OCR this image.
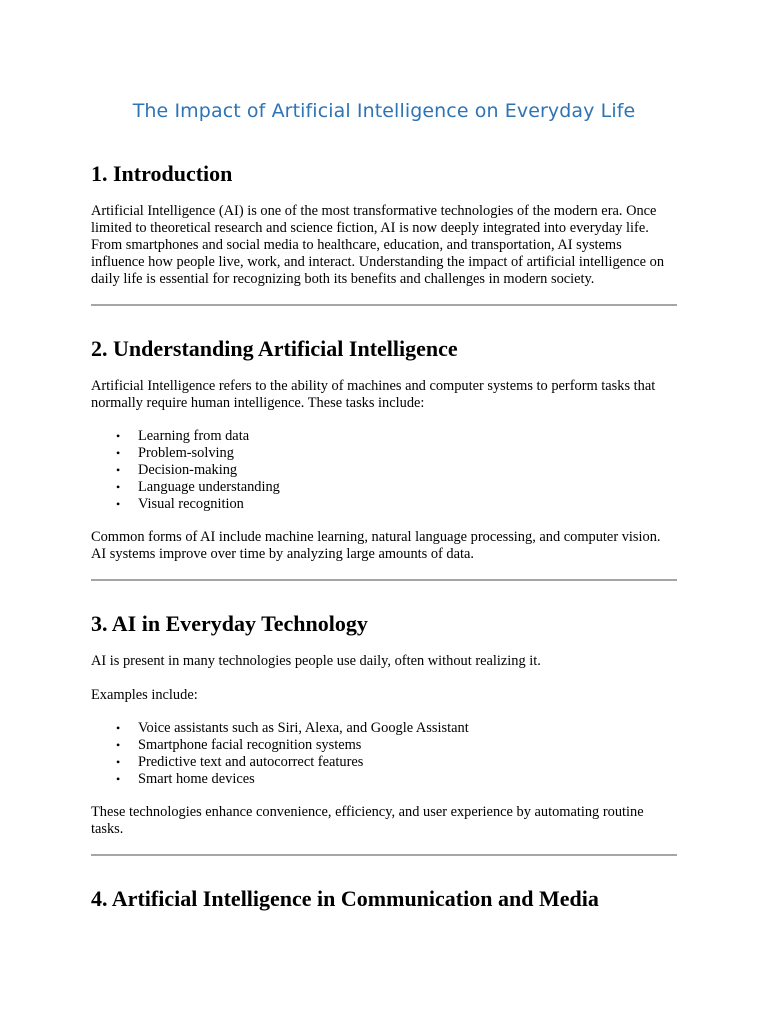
The Impact of Artificial Intelligence on Everyday Life
1. Introduction

Artificial Intelligence (AI) is one of the most transformative technologies of the modern era. Once limited to theoretical research and science fiction, AI is now deeply integrated into everyday life. From smartphones and social media to healthcare, education, and transportation, AI systems influence how people live, work, and interact. Understanding the impact of artificial intelligence on daily life is essential for recognizing both its benefits and challenges in modern society.

2. Understanding Artificial Intelligence

Artificial Intelligence refers to the ability of machines and computer systems to perform tasks that normally require human intelligence. These tasks include:

• Learning from data
• Problem-solving
• Decision-making
• Language understanding
• Visual recognition

Common forms of AI include machine learning, natural language processing, and computer vision. AI systems improve over time by analyzing large amounts of data.

3. AI in Everyday Technology

AI is present in many technologies people use daily, often without realizing it.

Examples include:

• Voice assistants such as Siri, Alexa, and Google Assistant
• Smartphone facial recognition systems
• Predictive text and autocorrect features
• Smart home devices

These technologies enhance convenience, efficiency, and user experience by automating routine tasks.

4. Artificial Intelligence in Communication and Media
